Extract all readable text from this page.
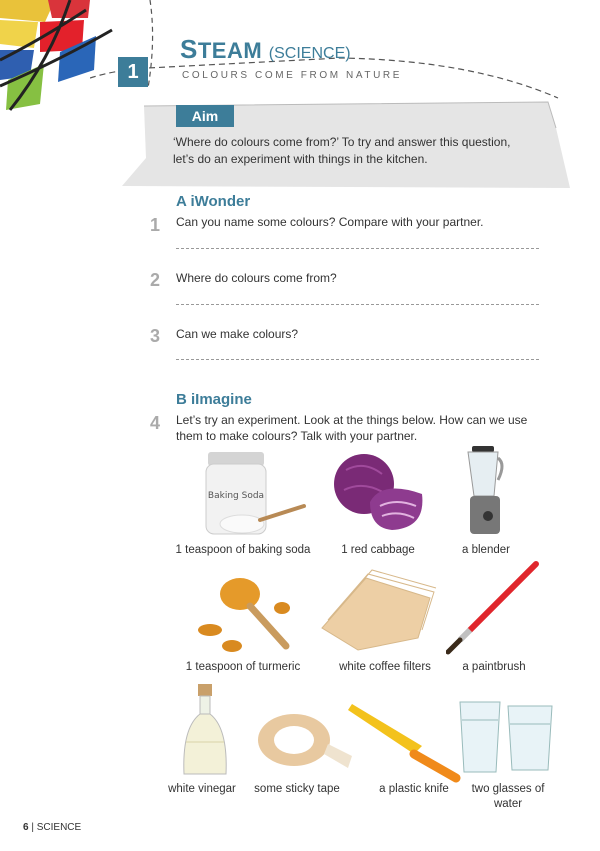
1
STEAM (SCIENCE)
COLOURS COME FROM NATURE
Aim
‘Where do colours come from?’ To try and answer this question, let’s do an experiment with things in the kitchen.
A iWonder
1 Can you name some colours? Compare with your partner.
2 Where do colours come from?
3 Can we make colours?
B iImagine
4 Let’s try an experiment. Look at the things below. How can we use them to make colours? Talk with your partner.
Baking Soda
1 teaspoon of baking soda	1 red cabbage	a blender
1 teaspoon of turmeric	white coffee filters	a paintbrush
white vinegar	some sticky tape	a plastic knife	two glasses of water
6 | SCIENCE
